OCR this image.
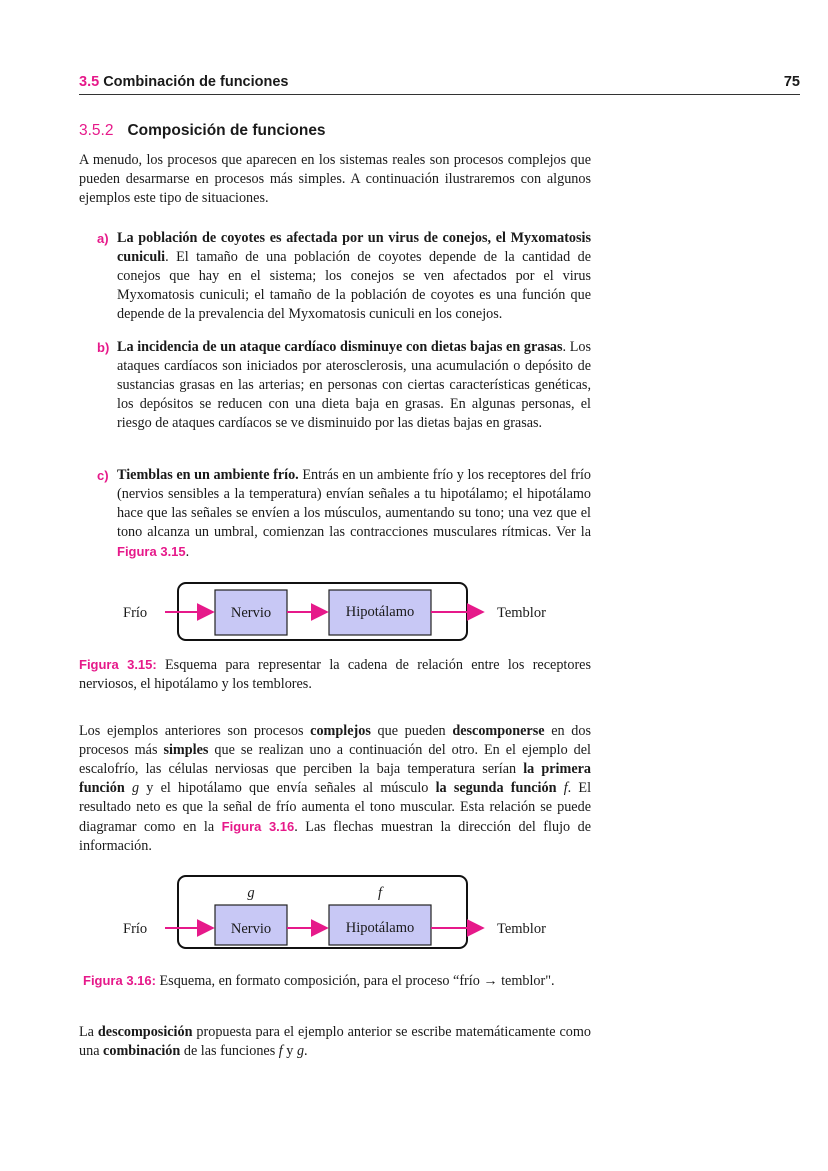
3.5 Combinación de funciones	75
3.5.2 Composición de funciones

A menudo, los procesos que aparecen en los sistemas reales son procesos complejos que pueden desarmarse en procesos más simples. A continuación ilustraremos con algunos ejemplos este tipo de situaciones.

a) La población de coyotes es afectada por un virus de conejos, el Myxomatosis cuniculi. El tamaño de una población de coyotes depende de la cantidad de conejos que hay en el sistema; los conejos se ven afectados por el virus Myxomatosis cuniculi; el tamaño de la población de coyotes es una función que depende de la prevalencia del Myxomatosis cuniculi en los conejos.
b) La incidencia de un ataque cardíaco disminuye con dietas bajas en grasas. Los ataques cardíacos son iniciados por aterosclerosis, una acumulación o depósito de sustancias grasas en las arterias; en personas con ciertas características genéticas, los depósitos se reducen con una dieta baja en grasas. En algunas personas, el riesgo de ataques cardíacos se ve disminuido por las dietas bajas en grasas.
c) Tiemblas en un ambiente frío. Entrás en un ambiente frío y los receptores del frío (nervios sensibles a la temperatura) envían señales a tu hipotálamo; el hipotálamo hace que las señales se envíen a los músculos, aumentando su tono; una vez que el tono alcanza un umbral, comienzan las contracciones musculares rítmicas. Ver la Figura 3.15.
Frío	Nervio	Hipotálamo	Temblor

Figura 3.15: Esquema para representar la cadena de relación entre los receptores nerviosos, el hipotálamo y los temblores.

Los ejemplos anteriores son procesos complejos que pueden descomponerse en dos procesos más simples que se realizan uno a continuación del otro. En el ejemplo del escalofrío, las células nerviosas que perciben la baja temperatura serían la primera función g y el hipotálamo que envía señales al músculo la segunda función f. El resultado neto es que la señal de frío aumenta el tono muscular. Esta relación se puede diagramar como en la Figura 3.16. Las flechas muestran la dirección del flujo de información.

g	f
Frío	Nervio	Hipotálamo	Temblor

Figura 3.16: Esquema, en formato composición, para el proceso “frío → temblor".

La descomposición propuesta para el ejemplo anterior se escribe matemáticamente como una combinación de las funciones f y g.
